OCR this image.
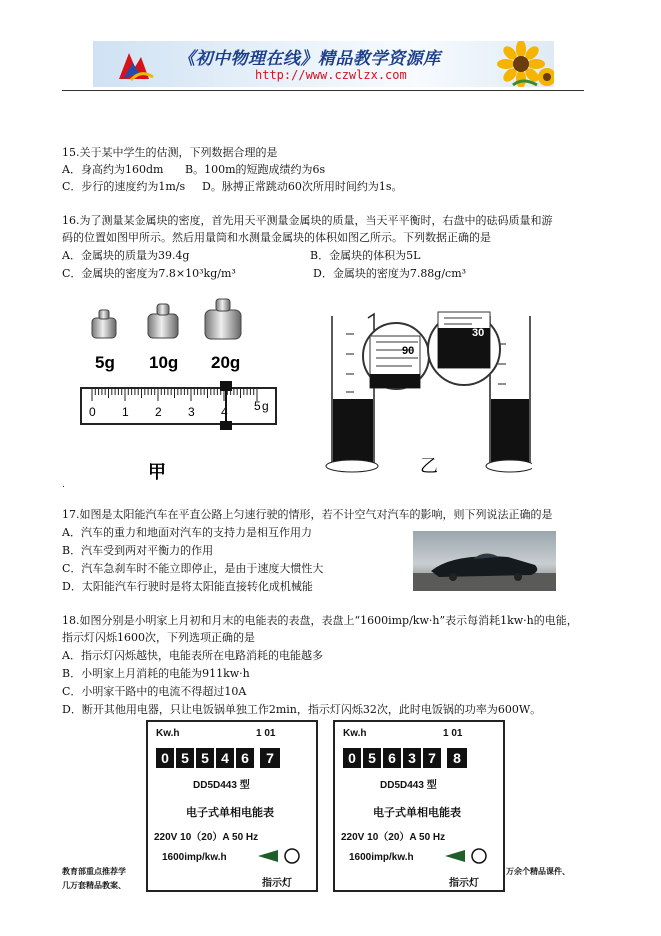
《初中物理在线》精品教学资源库
http://www.czwlzx.com
15.关于某中学生的估测，下列数据合理的是
A．身高约为160dm B。100m的短跑成绩约为6s
C．步行的速度约为1m/s D。脉搏正常跳动60次所用时间约为1s。
16.为了测量某金属块的密度，首先用天平测量金属块的质量，当天平平衡时，右盘中的砝码质量和游
码的位置如图甲所示。然后用量筒和水测量金属块的体积如图乙所示。下列数据正确的是
A．金属块的质量为39.4g	B．金属块的体积为5L
C．金属块的密度为7.8×10³kg/m³	D．金属块的密度为7.88g/cm³
5g 10g 20g
0 1 2 3 4 5 g
甲
90
30
乙
.
17.如图是太阳能汽车在平直公路上匀速行驶的情形，若不计空气对汽车的影响，则下列说法正确的是
A．汽车的重力和地面对汽车的支持力是相互作用力
B．汽车受到两对平衡力的作用
C．汽车急刹车时不能立即停止，是由于速度大惯性大
D．太阳能汽车行驶时是将太阳能直接转化成机械能
18.如图分别是小明家上月初和月末的电能表的表盘，表盘上“1600imp/kw·h”表示每消耗1kw·h的电能，
指示灯闪烁1600次，下列选项正确的是
A．指示灯闪烁越快，电能表所在电路消耗的电能越多
B．小明家上月消耗的电能为911kw·h
C．小明家干路中的电流不得超过10A
D．断开其他用电器，只让电饭锅单独工作2min，指示灯闪烁32次，此时电饭锅的功率为600W。
Kw.h	1 01
0 5 5 4 6	7
DD5D443 型
电子式单相电能表
220V 10（20）A 50 Hz
1600imp/kw.h
指示灯
Kw.h	1 01
0 5 6 3 7	8
DD5D443 型
电子式单相电能表
220V 10（20）A 50 Hz
1600imp/kw.h
指示灯
教育部重点推荐学
几万套精品教案、
万余个精品课件、
